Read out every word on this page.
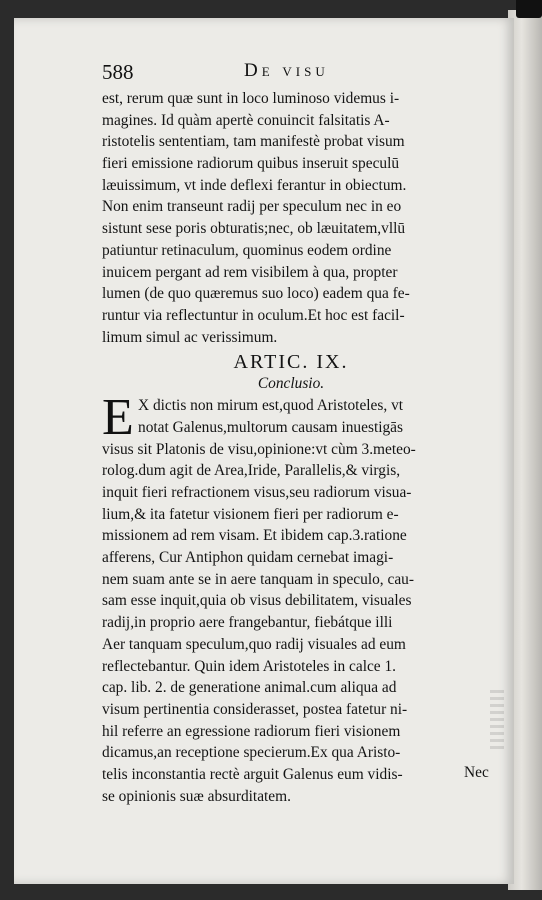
588	De visu
est, rerum quæ sunt in loco luminoso videmus i-
magines. Id quàm apertè conuincit falsitatis A-
ristotelis sententiam, tam manifestè probat visum
fieri emissione radiorum quibus inseruit speculū
læuissimum, vt inde deflexi ferantur in obiectum.
Non enim transeunt radij per speculum nec in eo
sistunt sese poris obturatis;nec, ob læuitatem,vllū
patiuntur retinaculum, quominus eodem ordine
inuicem pergant ad rem visibilem à qua, propter
lumen (de quo quæremus suo loco) eadem qua fe-
runtur via reflectuntur in oculum.Et hoc est facil-
limum simul ac verissimum.
ARTIC. IX.
Conclusio.
E X dictis non mirum est,quod Aristoteles, vt
notat Galenus,multorum causam inuestigās
visus sit Platonis de visu,opinione:vt cùm 3.meteo-
rolog.dum agit de Area,Iride, Parallelis,& virgis,
inquit fieri refractionem visus,seu radiorum visua-
lium,& ita fatetur visionem fieri per radiorum e-
missionem ad rem visam. Et ibidem cap.3.ratione
afferens, Cur Antiphon quidam cernebat imagi-
nem suam ante se in aere tanquam in speculo, cau-
sam esse inquit,quia ob visus debilitatem, visuales
radij,in proprio aere frangebantur, fiebátque illi
Aer tanquam speculum,quo radij visuales ad eum
reflectebantur. Quin idem Aristoteles in calce 1.
cap. lib. 2. de generatione animal.cum aliqua ad
visum pertinentia considerasset, postea fatetur ni-
hil referre an egressione radiorum fieri visionem
dicamus,an receptione specierum.Ex qua Aristo-
telis inconstantia rectè arguit Galenus eum vidis-
se opinionis suæ absurditatem.
Nec
